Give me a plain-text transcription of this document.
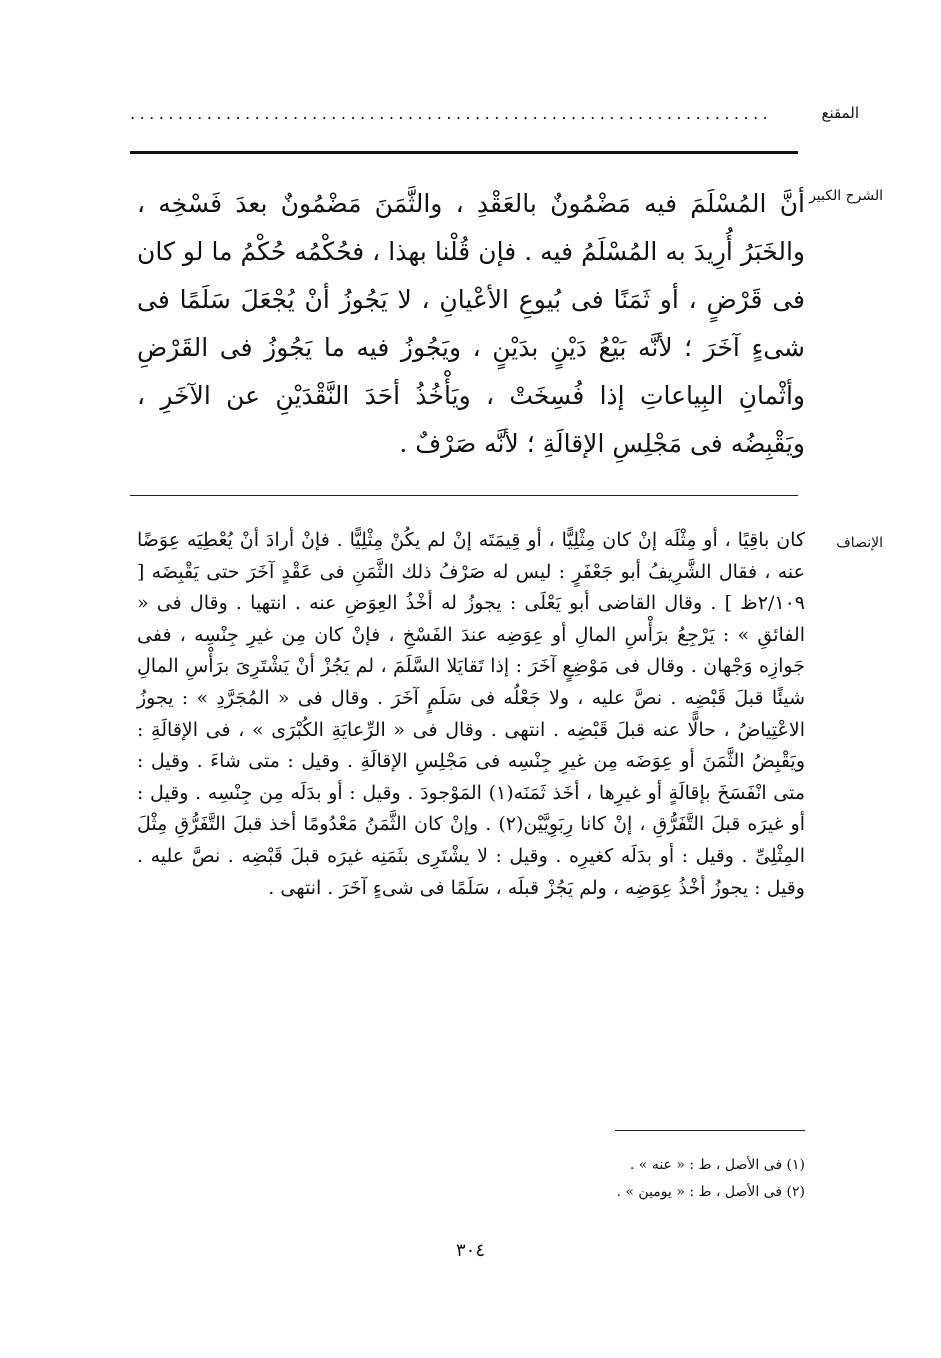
المقنع
...................................................................
الشرح الكبير

أنَّ المُسْلَمَ فيه مَضْمُونٌ بالعَقْدِ ، والثَّمَنَ مَضْمُونٌ بعدَ فَسْخِه ، والخَبَرُ أُرِيدَ به المُسْلَمُ فيه . فإن قُلْنا بهذا ، فحُكْمُه حُكْمُ ما لو كان فى قَرْضٍ ، أو ثَمَنًا فى بُيوعِ الأعْيانِ ، لا يَجُوزُ أنْ يُجْعَلَ سَلَمًا فى شىءٍ آخَرَ ؛ لأنَّه بَيْعُ دَيْنٍ بدَيْنٍ ، ويَجُوزُ فيه ما يَجُوزُ فى القَرْضِ وأثْمانِ البِياعاتِ إذا فُسِخَتْ ، ويَأْخُذُ أحَدَ النَّقْدَيْنِ عن الآخَرِ ، ويَقْبِضُه فى مَجْلِسِ الإقالَةِ ؛ لأنَّه صَرْفٌ .

الإنصاف

كان باقِيًا ، أو مِثْلَه إنْ كان مِثْلِيًّا ، أو قِيمَتَه إنْ لم يكُنْ مِثْلِيًّا . فإنْ أرادَ أنْ يُعْطِيَه عِوَضًا عنه ، فقال الشَّرِيفُ أبو جَعْفَرٍ : ليس له صَرْفُ ذلك الثَّمَنِ فى عَقْدٍ آخَرَ حتى يَقْبِضَه [ ٢/١٠٩ظ ] . وقال القاضى أبو يَعْلَى : يجوزُ له أخْذُ العِوَضِ عنه . انتهيا . وقال فى « الفائقِ » : يَرْجِعُ برَأْسِ المالِ أو عِوَضِه عندَ الفَسْخِ ، فإنْ كان مِن غيرِ جِنْسِه ، ففى جَوازِه وَجْهان . وقال فى مَوْضِعٍ آخَرَ : إذا تَقايَلا السَّلَمَ ، لم يَجُزْ أنْ يَشْتَرِىَ برَأْسِ المالِ شيئًا قبلَ قَبْضِه . نصَّ عليه ، ولا جَعْلُه فى سَلَمٍ آخَرَ . وقال فى « المُجَرَّدِ » : يجوزُ الاعْتِياضُ ، حالًّا عنه قبلَ قَبْضِه . انتهى . وقال فى « الرِّعايَةِ الكُبْرَى » ، فى الإقالَةِ : ويَقْبِضُ الثَّمَنَ أو عِوَضَه مِن غيرِ جِنْسِه فى مَجْلِسِ الإقالَةِ . وقيل : متى شاءَ . وقيل : متى انْفَسَخَ بإقالَةٍ أو غيرِها ، أخَذ ثَمَنَه(١) المَوْجودَ . وقيل : أو بدَلَه مِن جِنْسِه . وقيل : أو غيرَه قبلَ التَّفَرُّقِ ، إنْ كانا رِبَوِيَّيْن(٢) . وإنْ كان الثَّمَنُ مَعْدُومًا أخذ قبلَ التَّفَرُّقِ مِثْلَ المِثْلِىِّ . وقيل : أو بدَلَه كغيرِه . وقيل : لا يشْتَرِى بثَمَنِه غيرَه قبلَ قَبْضِه . نصَّ عليه . وقيل : يجوزُ أخْذُ عِوَضِه ، ولم يَجُزْ قبلَه ، سَلَمًا فى شىءٍ آخَرَ . انتهى .

(١) فى الأصل ، ط : « عنه » .
(٢) فى الأصل ، ط : « يومين » .
٣٠٤
